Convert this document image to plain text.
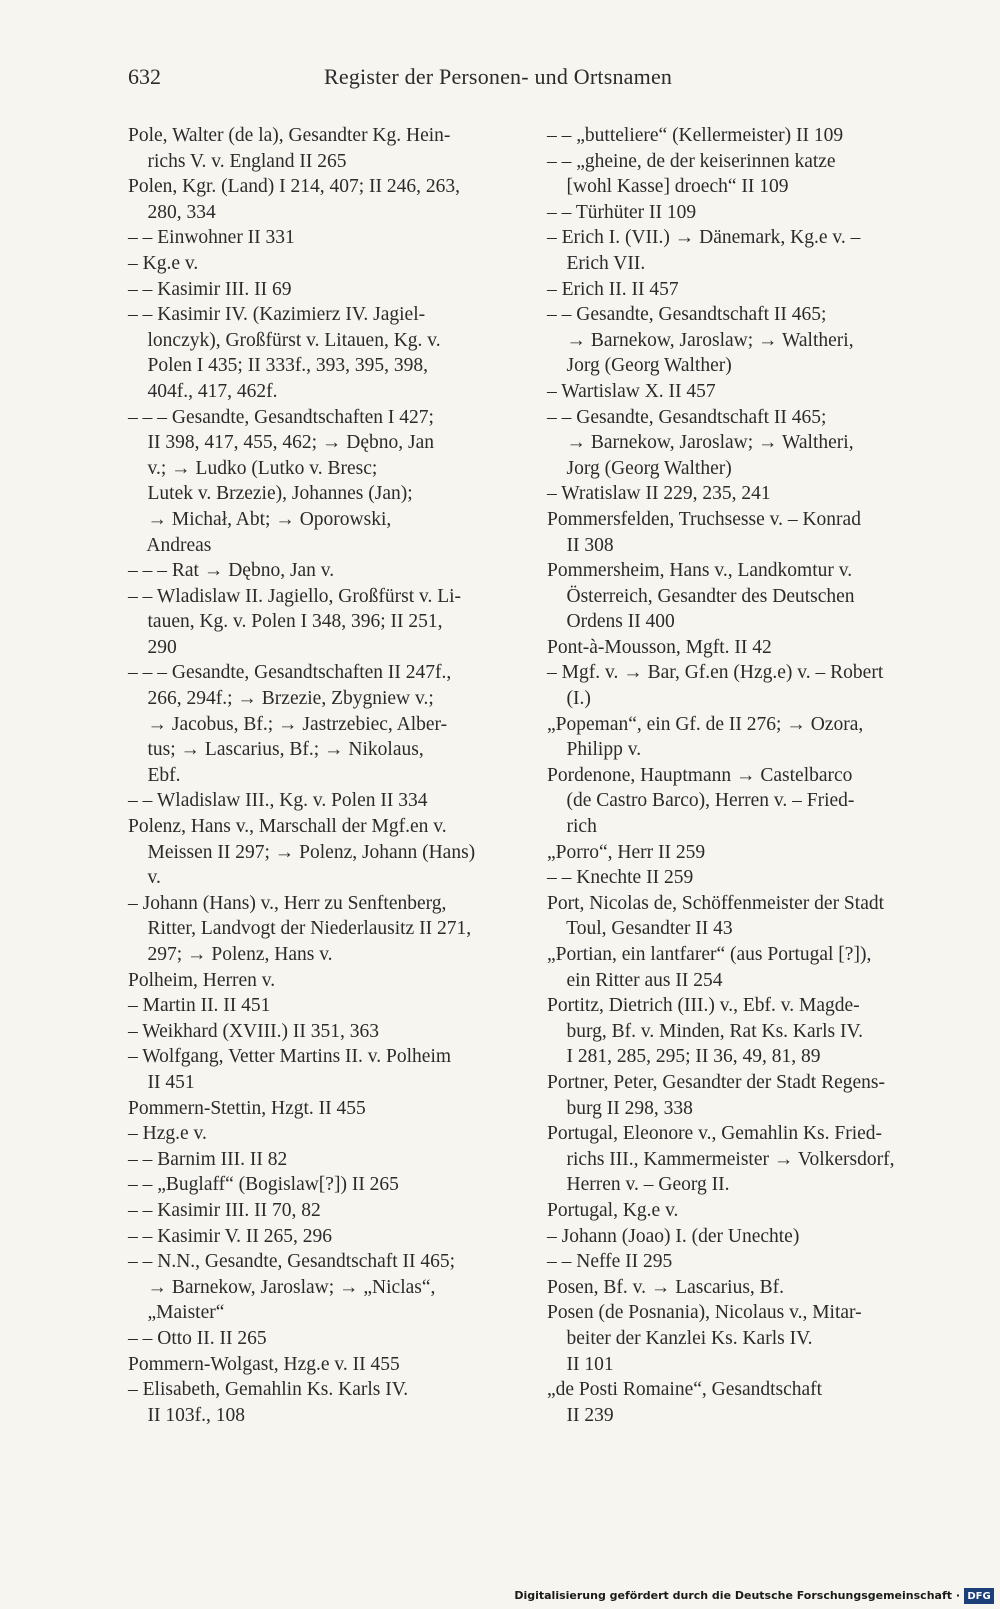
632	Register der Personen- und Ortsnamen
Pole, Walter (de la), Gesandter Kg. Hein-
richs V. v. England II 265
Polen, Kgr. (Land) I 214, 407; II 246, 263,
280, 334
– – Einwohner II 331
– Kg.e v.
– – Kasimir III. II 69
– – Kasimir IV. (Kazimierz IV. Jagiel-
lonczyk), Großfürst v. Litauen, Kg. v.
Polen I 435; II 333f., 393, 395, 398,
404f., 417, 462f.
– – – Gesandte, Gesandtschaften I 427;
II 398, 417, 455, 462; → Dębno, Jan
v.; → Ludko (Lutko v. Bresc;
Lutek v. Brzezie), Johannes (Jan);
→ Michał, Abt; → Oporowski,
Andreas
– – – Rat → Dębno, Jan v.
– – Wladislaw II. Jagiello, Großfürst v. Li-
tauen, Kg. v. Polen I 348, 396; II 251,
290
– – – Gesandte, Gesandtschaften II 247f.,
266, 294f.; → Brzezie, Zbygniew v.;
→ Jacobus, Bf.; → Jastrzebiec, Alber-
tus; → Lascarius, Bf.; → Nikolaus,
Ebf.
– – Wladislaw III., Kg. v. Polen II 334
Polenz, Hans v., Marschall der Mgf.en v.
Meissen II 297; → Polenz, Johann (Hans)
v.
– Johann (Hans) v., Herr zu Senftenberg,
Ritter, Landvogt der Niederlausitz II 271,
297; → Polenz, Hans v.
Polheim, Herren v.
– Martin II. II 451
– Weikhard (XVIII.) II 351, 363
– Wolfgang, Vetter Martins II. v. Polheim
II 451
Pommern-Stettin, Hzgt. II 455
– Hzg.e v.
– – Barnim III. II 82
– – „Buglaff“ (Bogislaw[?]) II 265
– – Kasimir III. II 70, 82
– – Kasimir V. II 265, 296
– – N.N., Gesandte, Gesandtschaft II 465;
→ Barnekow, Jaroslaw; → „Niclas“,
„Maister“
– – Otto II. II 265
Pommern-Wolgast, Hzg.e v. II 455
– Elisabeth, Gemahlin Ks. Karls IV.
II 103f., 108
– – „butteliere“ (Kellermeister) II 109
– – „gheine, de der keiserinnen katze
[wohl Kasse] droech“ II 109
– – Türhüter II 109
– Erich I. (VII.) → Dänemark, Kg.e v. –
Erich VII.
– Erich II. II 457
– – Gesandte, Gesandtschaft II 465;
→ Barnekow, Jaroslaw; → Waltheri,
Jorg (Georg Walther)
– Wartislaw X. II 457
– – Gesandte, Gesandtschaft II 465;
→ Barnekow, Jaroslaw; → Waltheri,
Jorg (Georg Walther)
– Wratislaw II 229, 235, 241
Pommersfelden, Truchsesse v. – Konrad
II 308
Pommersheim, Hans v., Landkomtur v.
Österreich, Gesandter des Deutschen
Ordens II 400
Pont-à-Mousson, Mgft. II 42
– Mgf. v. → Bar, Gf.en (Hzg.e) v. – Robert
(I.)
„Popeman“, ein Gf. de II 276; → Ozora,
Philipp v.
Pordenone, Hauptmann → Castelbarco
(de Castro Barco), Herren v. – Fried-
rich
„Porro“, Herr II 259
– – Knechte II 259
Port, Nicolas de, Schöffenmeister der Stadt
Toul, Gesandter II 43
„Portian, ein lantfarer“ (aus Portugal [?]),
ein Ritter aus II 254
Portitz, Dietrich (III.) v., Ebf. v. Magde-
burg, Bf. v. Minden, Rat Ks. Karls IV.
I 281, 285, 295; II 36, 49, 81, 89
Portner, Peter, Gesandter der Stadt Regens-
burg II 298, 338
Portugal, Eleonore v., Gemahlin Ks. Fried-
richs III., Kammermeister → Volkersdorf,
Herren v. – Georg II.
Portugal, Kg.e v.
– Johann (Joao) I. (der Unechte)
– – Neffe II 295
Posen, Bf. v. → Lascarius, Bf.
Posen (de Posnania), Nicolaus v., Mitar-
beiter der Kanzlei Ks. Karls IV.
II 101
„de Posti Romaine“, Gesandtschaft
II 239
Digitalisierung gefördert durch die Deutsche Forschungsgemeinschaft · DFG
